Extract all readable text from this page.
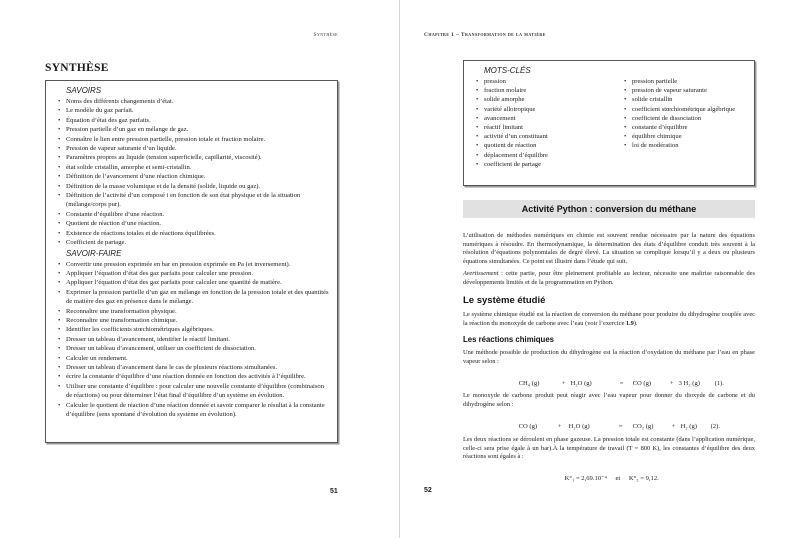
Synthèse
SYNTHÈSE
SAVOIRS
• Noms des différents changements d’état.
• Le modèle du gaz parfait.
• Équation d’état des gaz parfaits.
• Pression partielle d’un gaz en mélange de gaz.
• Connaître le lien entre pression partielle, pression totale et fraction molaire.
• Pression de vapeur saturante d’un liquide.
• Paramètres propres au liquide (tension superficielle, capillarité, viscosité).
• état solide cristallin, amorphe et semi-cristallin.
• Définition de l’avancement d’une réaction chimique.
• Définition de la masse volumique et de la densité (solide, liquide ou gaz).
• Définition de l’activité d’un composé i en fonction de son état physique et de la situation (mélange/corps pur).
• Constante d’équilibre d’une réaction.
• Quotient de réaction d’une réaction.
• Existence de réactions totales et de réactions équilibrées.
• Coefficient de partage.
SAVOIR-FAIRE
• Convertir une pression exprimée en bar en pression exprimée en Pa (et inversement).
• Appliquer l’équation d’état des gaz parfaits pour calculer une pression.
• Appliquer l’équation d’état des gaz parfaits pour calculer une quantité de matière.
• Exprimer la pression partielle d’un gaz en mélange en fonction de la pression totale et des quantités de matière des gaz en présence dans le mélange.
• Reconnaître une transformation physique.
• Reconnaître une transformation chimique.
• Identifier les coefficients stœchiométriques algébriques.
• Dresser un tableau d’avancement, identifier le réactif limitant.
• Dresser un tableau d’avancement, utiliser un coefficient de dissociation.
• Calculer un rendement.
• Dresser un tableau d’avancement dans le cas de plusieurs réactions simultanées.
• écrire la constante d’équilibre d’une réaction donnée en fonction des activités à l’équilibre.
• Utiliser une constante d’équilibre : pour calculer une nouvelle constante d’équilibre (combinaison de réactions) ou pour déterminer l’état final d’équilibre d’un système en évolution.
• Calculer le quotient de réaction d’une réaction donnée et savoir comparer le résultat à la constante d’équilibre (sens spontané d’évolution du système en évolution).
51
Chapitre 1 – Transformation de la matière
MOTS-CLÉS
• pression
• fraction molaire
• solide amorphe
• variété allotropique
• avancement
• réactif limitant
• activité d’un constituant
• quotient de réaction
• déplacement d’équilibre
• coefficient de partage
• pression partielle
• pression de vapeur saturante
• solide cristallin
• coefficient stœchiométrique algébrique
• coefficient de dissociation
• constante d’équilibre
• équilibre chimique
• loi de modération
Activité Python : conversion du méthane

L’utilisation de méthodes numériques en chimie est souvent rendue nécessaire par la nature des équations numériques à résoudre. En thermodynamique, la détermination des états d’équilibre conduit très souvent à la résolution d’équations polynomiales de degré élevé. La situation se complique lorsqu’il y a deux ou plusieurs équations simultanées. Ce point est illustré dans l’étude qui suit.

Avertissement : cette partie, pour être pleinement profitable au lecteur, nécessite une maîtrise raisonnable des développements limités et de la programmation en Python.

Le système étudié

Le système chimique étudié est la réaction de conversion du méthane pour produire du dihydrogène couplée avec la réaction du monoxyde de carbone avec l’eau (voir l’exercice 1.9).

Les réactions chimiques

Une méthode possible de production du dihydrogène est la réaction d’oxydation du méthane par l’eau en phase vapeur selon :

CH₄ (g)	+ H₂O (g)	= CO (g)	+ 3 H₂ (g) (1).

Le monoxyde de carbone produit peut réagir avec l’eau vapeur pour donner du dioxyde de carbone et du dihydrogène selon :

CO (g)	+ H₂O (g)	= CO₂ (g)	+ H₂ (g) (2).

Les deux réactions se déroulent en phase gazeuse. La pression totale est constante (dans l’application numérique, celle-ci sera prise égale à un bar).À la température de travail (T = 800 K), les constantes d’équilibre des deux réactions sont égales à :

K°₁ = 2,69.10⁻⁴ et K°₂ = 9,12.

52
